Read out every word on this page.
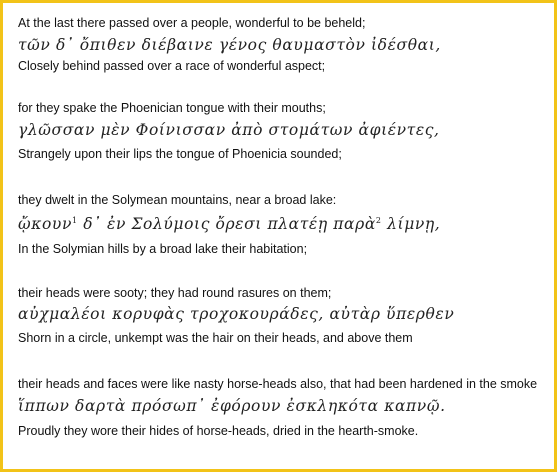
At the last there passed over a people, wonderful to be beheld;
τῶν δ᾽ ὄπιθεν διέβαινε γένος θαυμαστὸν ἰδέσθαι,
Closely behind passed over a race of wonderful aspect;
for they spake the Phoenician tongue with their mouths;
γλῶσσαν μὲν Φοίνισσαν ἀπὸ στομάτων ἀφιέντες,
Strangely upon their lips the tongue of Phoenicia sounded;
they dwelt in the Solymean mountains, near a broad lake:
ᾤκουν$^1$ δ᾽ ἐν Σολύμοις ὄρεσι πλατέῃ παρὰ$^2$ λίμνῃ,
In the Solymian hills by a broad lake their habitation;
their heads were sooty; they had round rasures on them;
αὐχμαλέοι κορυφὰς τροχοκουράδες, αὐτὰρ ὕπερθεν
Shorn in a circle, unkempt was the hair on their heads, and above them
their heads and faces were like nasty horse-heads also, that had been hardened in the smoke
ἵππων δαρτὰ πρόσωπ᾽ ἐφόρουν ἐσκληκότα καπνῷ.
Proudly they wore their hides of horse-heads, dried in the hearth-smoke.
